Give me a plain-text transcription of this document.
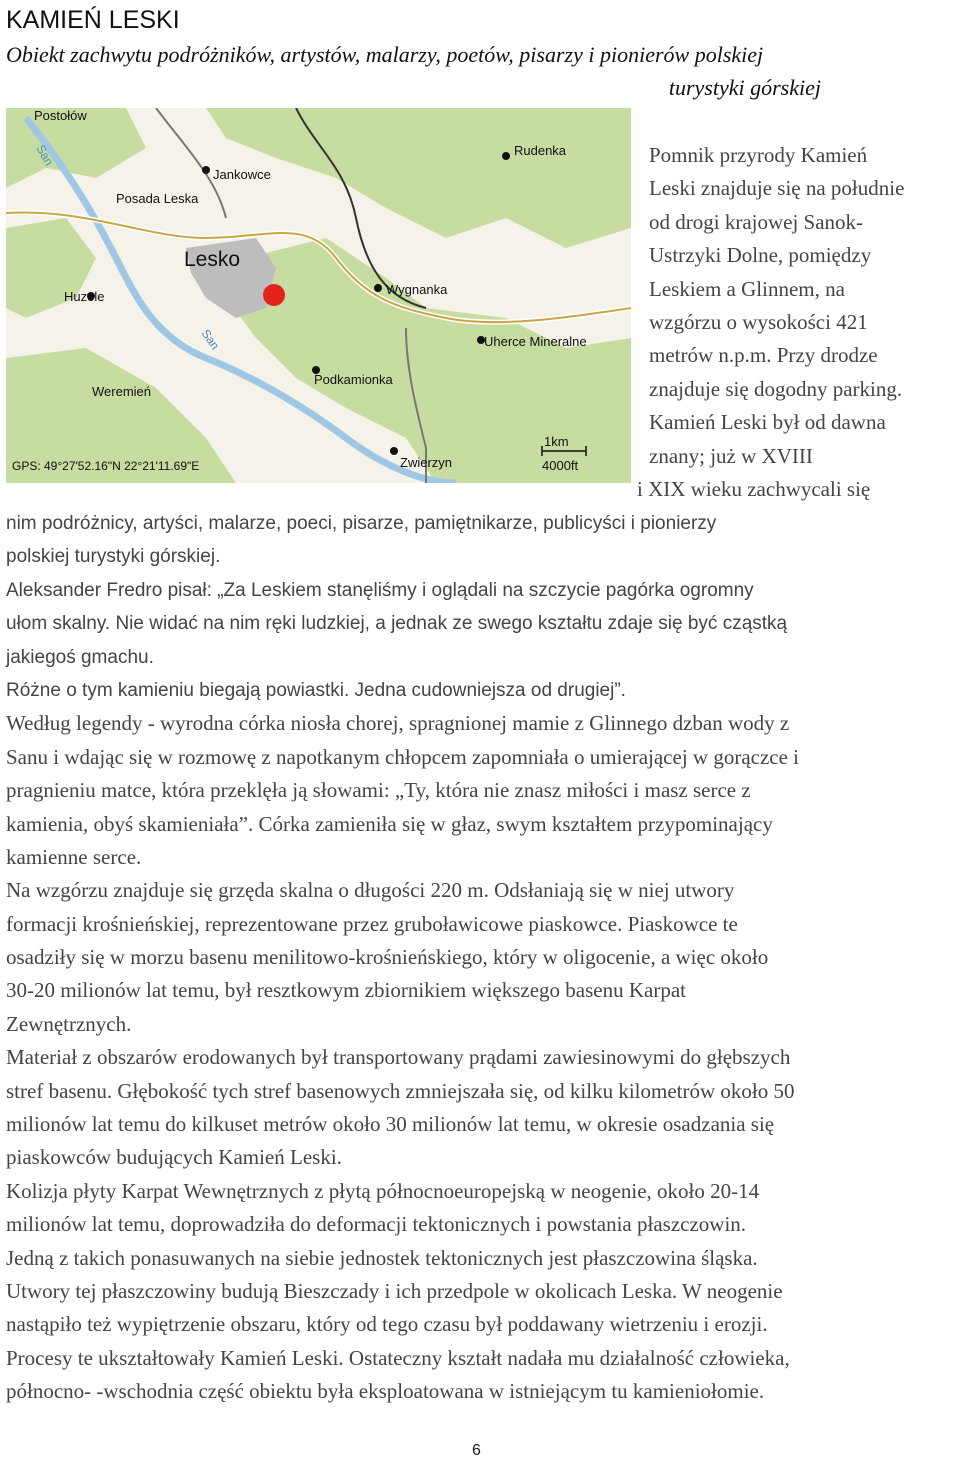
KAMIEŃ LESKI

Obiekt zachwytu podróżników, artystów, malarzy, poetów, pisarzy i pionierów polskiej

turystyki górskiej

Postołów
Rudenka
Jankowce
Posada Leska
Lesko
Huzele	Wygnanka
Uherce Mineralne
Podkamionka
Weremień
Zwierzyn
San
San
GPS: 49°27'52.16"N 22°21'11.69"E
1km
4000ft
Pomnik przyrody Kamień
Leski znajduje się na południe
od drogi krajowej Sanok-
Ustrzyki Dolne, pomiędzy
Leskiem a Glinnem, na
wzgórzu o wysokości 421
metrów n.p.m. Przy drodze
znajduje się dogodny parking.
Kamień Leski był od dawna
znany; już w XVIII
i XIX wieku zachwycali się
nim podróżnicy, artyści, malarze, poeci, pisarze, pamiętnikarze, publicyści i pionierzy
polskiej turystyki górskiej.
Aleksander Fredro pisał: „Za Leskiem stanęliśmy i oglądali na szczycie pagórka ogromny
ułom skalny. Nie widać na nim ręki ludzkiej, a jednak ze swego kształtu zdaje się być cząstką
jakiegoś gmachu.
Różne o tym kamieniu biegają powiastki. Jedna cudowniejsza od drugiej”.
Według legendy - wyrodna córka niosła chorej, spragnionej mamie z Glinnego dzban wody z
Sanu i wdając się w rozmowę z napotkanym chłopcem zapomniała o umierającej w gorączce i
pragnieniu matce, która przeklęła ją słowami: „Ty, która nie znasz miłości i masz serce z
kamienia, obyś skamieniała”. Córka zamieniła się w głaz, swym kształtem przypominający
kamienne serce.
Na wzgórzu znajduje się grzęda skalna o długości 220 m. Odsłaniają się w niej utwory
formacji krośnieńskiej, reprezentowane przez gruboławicowe piaskowce. Piaskowce te
osadziły się w morzu basenu menilitowo-krośnieńskiego, który w oligocenie, a więc około
30-20 milionów lat temu, był resztkowym zbiornikiem większego basenu Karpat
Zewnętrznych.
Materiał z obszarów erodowanych był transportowany prądami zawiesinowymi do głębszych
stref basenu. Głębokość tych stref basenowych zmniejszała się, od kilku kilometrów około 50
milionów lat temu do kilkuset metrów około 30 milionów lat temu, w okresie osadzania się
piaskowców budujących Kamień Leski.
Kolizja płyty Karpat Wewnętrznych z płytą północnoeuropejską w neogenie, około 20-14
milionów lat temu, doprowadziła do deformacji tektonicznych i powstania płaszczowin.
Jedną z takich ponasuwanych na siebie jednostek tektonicznych jest płaszczowina śląska.
Utwory tej płaszczowiny budują Bieszczady i ich przedpole w okolicach Leska. W neogenie
nastąpiło też wypiętrzenie obszaru, który od tego czasu był poddawany wietrzeniu i erozji.
Procesy te ukształtowały Kamień Leski. Ostateczny kształt nadała mu działalność człowieka,
północno- -wschodnia część obiektu była eksploatowana w istniejącym tu kamieniołomie.
6
